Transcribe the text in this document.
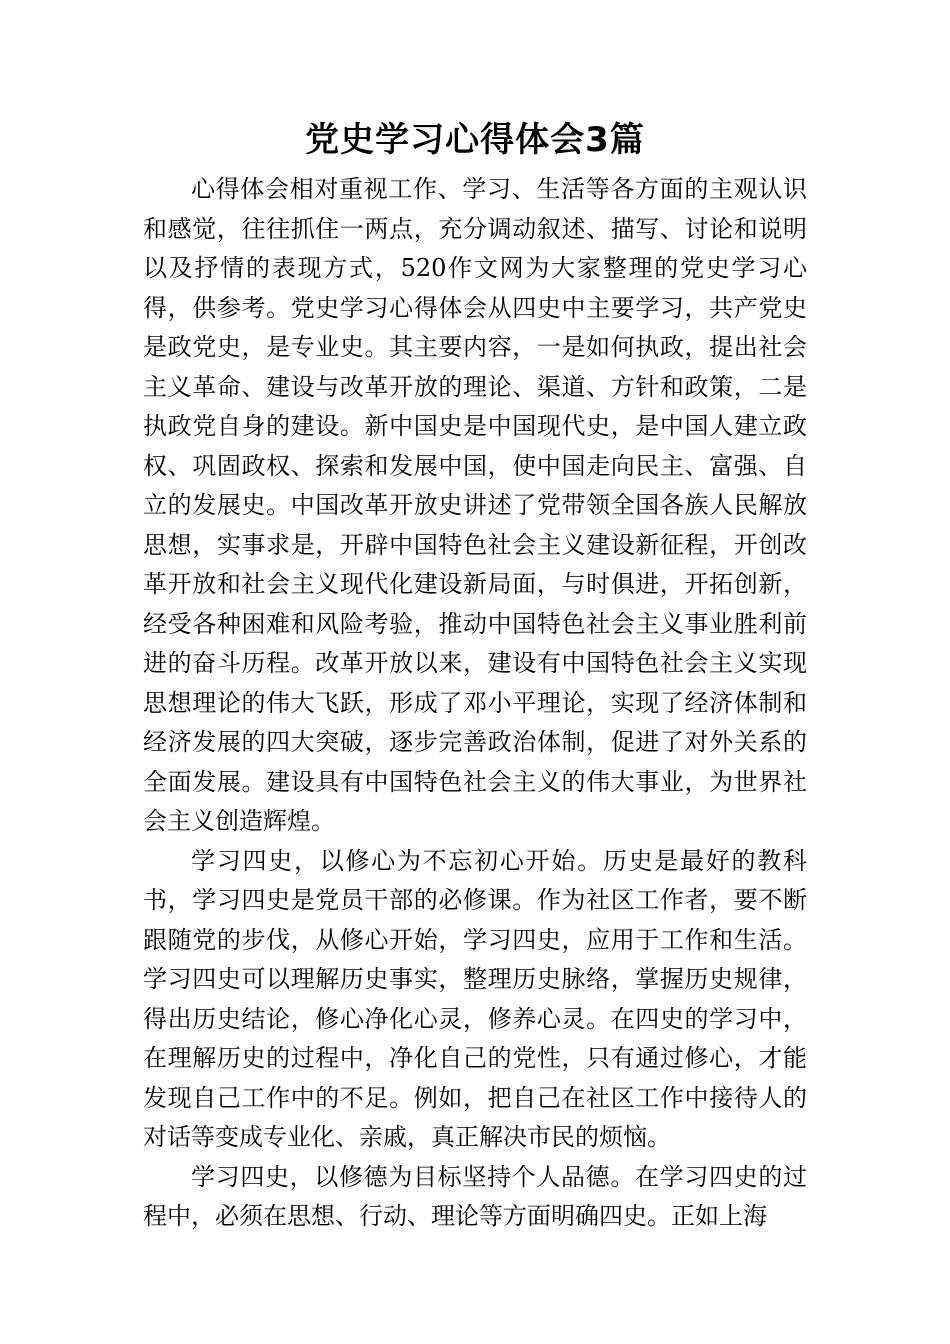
党史学习心得体会3篇

心得体会相对重视工作、学习、生活等各方面的主观认识和感觉，往往抓住一两点，充分调动叙述、描写、讨论和说明以及抒情的表现方式，520作文网为大家整理的党史学习心得，供参考。党史学习心得体会从四史中主要学习，共产党史是政党史，是专业史。其主要内容，一是如何执政，提出社会主义革命、建设与改革开放的理论、渠道、方针和政策，二是执政党自身的建设。新中国史是中国现代史，是中国人建立政权、巩固政权、探索和发展中国，使中国走向民主、富强、自立的发展史。中国改革开放史讲述了党带领全国各族人民解放思想，实事求是，开辟中国特色社会主义建设新征程，开创改革开放和社会主义现代化建设新局面，与时俱进，开拓创新，经受各种困难和风险考验，推动中国特色社会主义事业胜利前进的奋斗历程。改革开放以来，建设有中国特色社会主义实现思想理论的伟大飞跃，形成了邓小平理论，实现了经济体制和经济发展的四大突破，逐步完善政治体制，促进了对外关系的全面发展。建设具有中国特色社会主义的伟大事业，为世界社会主义创造辉煌。

学习四史，以修心为不忘初心开始。历史是最好的教科书，学习四史是党员干部的必修课。作为社区工作者，要不断跟随党的步伐，从修心开始，学习四史，应用于工作和生活。学习四史可以理解历史事实，整理历史脉络，掌握历史规律，得出历史结论，修心净化心灵，修养心灵。在四史的学习中，在理解历史的过程中，净化自己的党性，只有通过修心，才能发现自己工作中的不足。例如，把自己在社区工作中接待人的对话等变成专业化、亲戚，真正解决市民的烦恼。

学习四史，以修德为目标坚持个人品德。在学习四史的过程中，必须在思想、行动、理论等方面明确四史。正如上海
